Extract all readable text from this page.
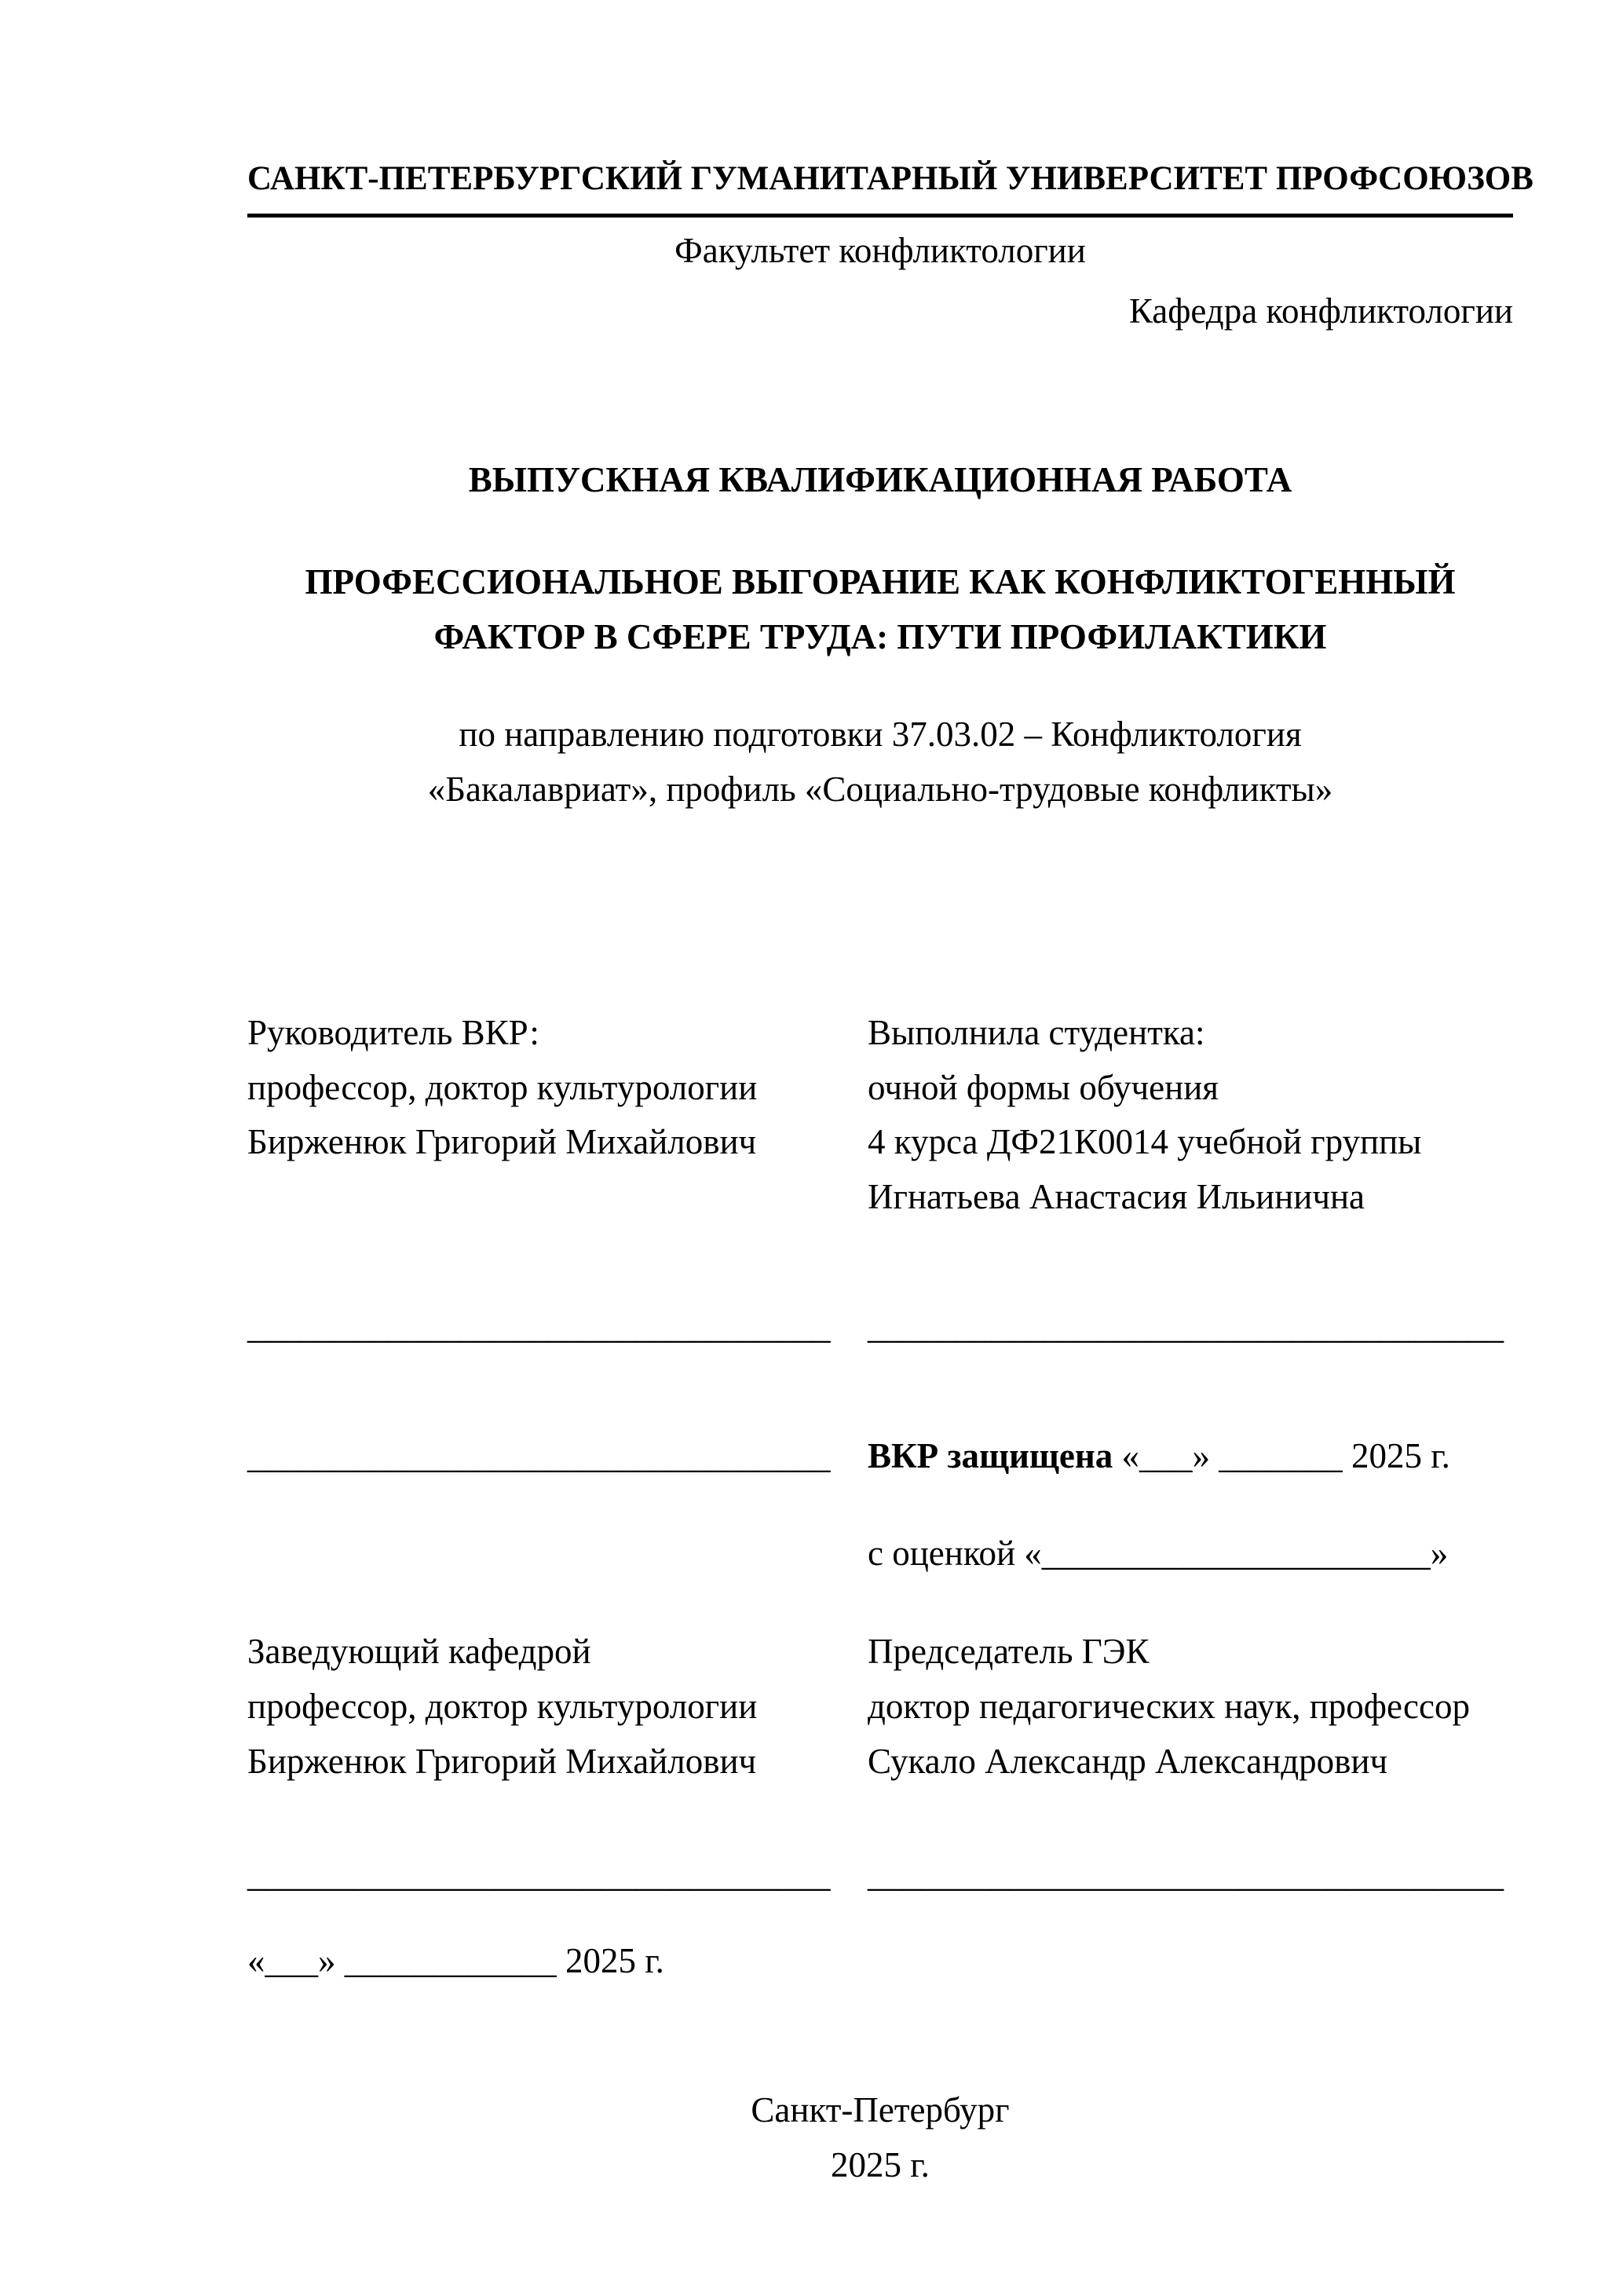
САНКТ-ПЕТЕРБУРГСКИЙ ГУМАНИТАРНЫЙ УНИВЕРСИТЕТ ПРОФСОЮЗОВ
Факультет конфликтологии
Кафедра конфликтологии
ВЫПУСКНАЯ КВАЛИФИКАЦИОННАЯ РАБОТА
ПРОФЕССИОНАЛЬНОЕ ВЫГОРАНИЕ КАК КОНФЛИКТОГЕННЫЙ
ФАКТОР В СФЕРЕ ТРУДА: ПУТИ ПРОФИЛАКТИКИ
по направлению подготовки 37.03.02 – Конфликтология
«Бакалавриат», профиль «Социально-трудовые конфликты»
Руководитель ВКР:
профессор, доктор культурологии
Бирженюк Григорий Михайлович
Выполнила студентка:
очной формы обучения
4 курса ДФ21К0014 учебной группы
Игнатьева Анастасия Ильинична
_________________________________	____________________________________
_________________________________	ВКР защищена «___» _______ 2025 г.
с оценкой «______________________»
Заведующий кафедрой
профессор, доктор культурологии
Бирженюк Григорий Михайлович
Председатель ГЭК
доктор педагогических наук, профессор
Сукало Александр Александрович
_________________________________	____________________________________
«___» ____________ 2025 г.
Санкт-Петербург
2025 г.
